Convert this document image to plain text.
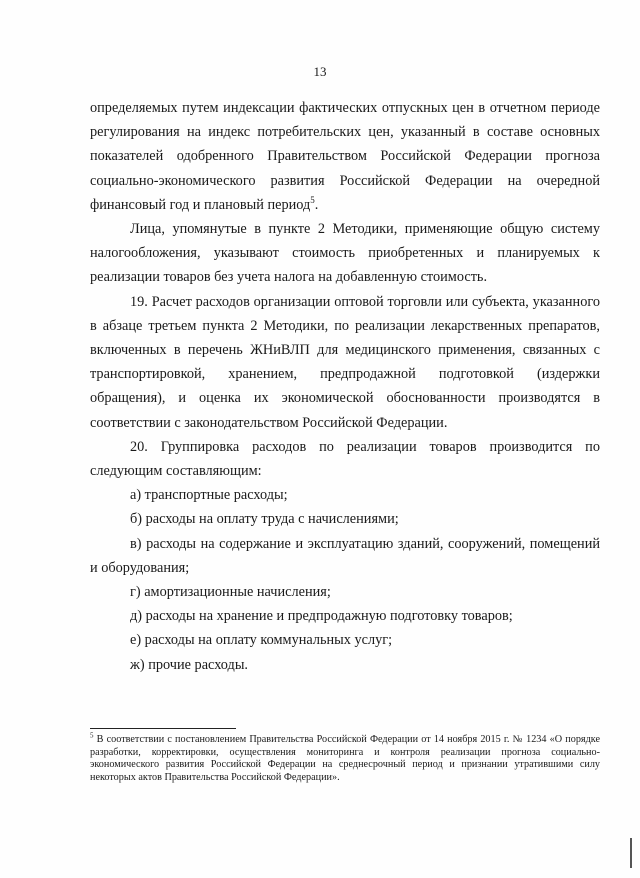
13

определяемых путем индексации фактических отпускных цен в отчетном периоде регулирования на индекс потребительских цен, указанный в составе основных показателей одобренного Правительством Российской Федерации прогноза социально-экономического развития Российской Федерации на очередной финансовый год и плановый период$^5$.

Лица, упомянутые в пункте 2 Методики, применяющие общую систему налогообложения, указывают стоимость приобретенных и планируемых к реализации товаров без учета налога на добавленную стоимость.

19. Расчет расходов организации оптовой торговли или субъекта, указанного в абзаце третьем пункта 2 Методики, по реализации лекарственных препаратов, включенных в перечень ЖНиВЛП для медицинского применения, связанных с транспортировкой, хранением, предпродажной подготовкой (издержки обращения), и оценка их экономической обоснованности производятся в соответствии с законодательством Российской Федерации.

20. Группировка расходов по реализации товаров производится по следующим составляющим:

а) транспортные расходы;

б) расходы на оплату труда с начислениями;

в) расходы на содержание и эксплуатацию зданий, сооружений, помещений и оборудования;

г) амортизационные начисления;

д) расходы на хранение и предпродажную подготовку товаров;

е) расходы на оплату коммунальных услуг;

ж) прочие расходы.

$^5$ В соответствии с постановлением Правительства Российской Федерации от 14 ноября 2015 г. № 1234 «О порядке разработки, корректировки, осуществления мониторинга и контроля реализации прогноза социально-экономического развития Российской Федерации на среднесрочный период и признании утратившими силу некоторых актов Правительства Российской Федерации».
